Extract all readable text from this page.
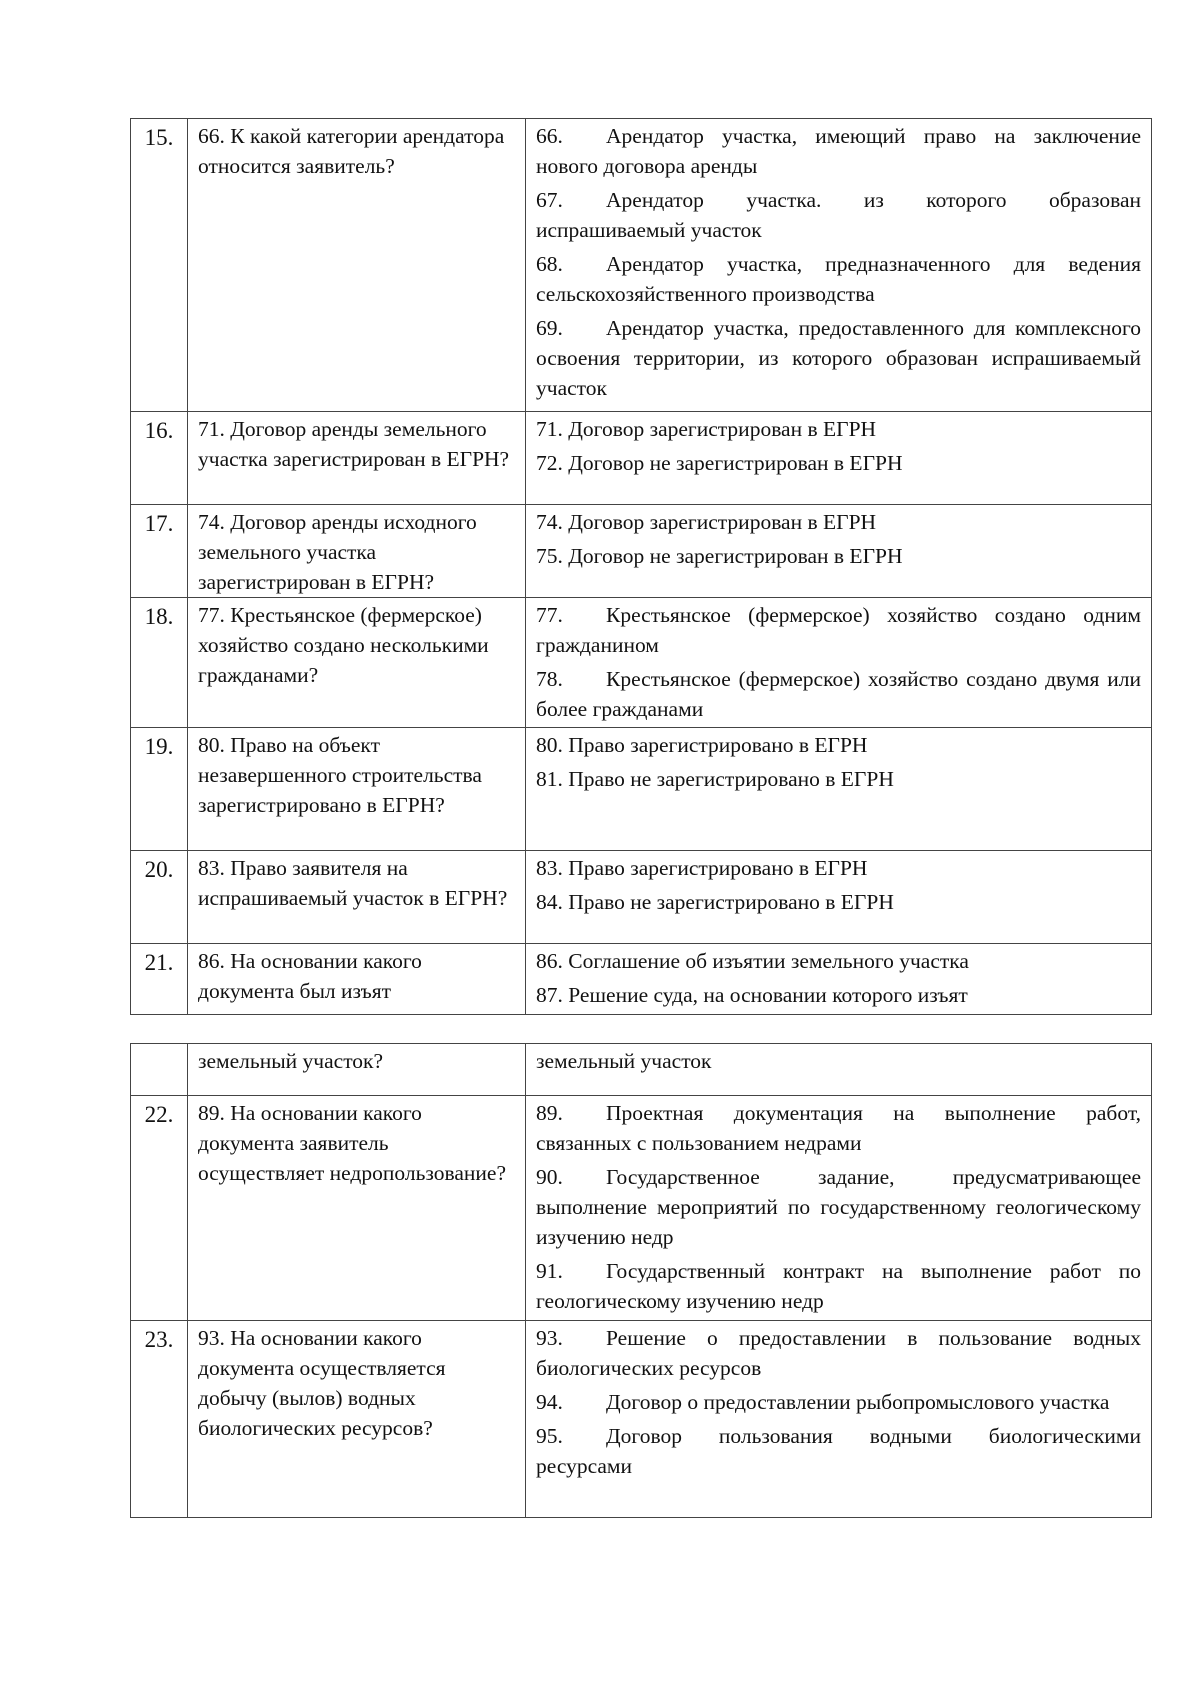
15.	66. К какой категории арендатора относится заявитель?	66. Арендатор участка, имеющий право на заключение нового договора аренды
67. Арендатор участка. из которого образован испрашиваемый участок
68. Арендатор участка, предназначенного для ведения сельскохозяйственного производства
69. Арендатор участка, предоставленного для комплексного освоения территории, из которого образован испрашиваемый участок

16.	71. Договор аренды земельного участка зарегистрирован в ЕГРН?	71. Договор зарегистрирован в ЕГРН
72. Договор не зарегистрирован в ЕГРН

17.	74. Договор аренды исходного земельного участка зарегистрирован в ЕГРН?	74. Договор зарегистрирован в ЕГРН
75. Договор не зарегистрирован в ЕГРН

18.	77. Крестьянское (фермерское) хозяйство создано несколькими гражданами?	77. Крестьянское (фермерское) хозяйство создано одним гражданином
78. Крестьянское (фермерское) хозяйство создано двумя или более гражданами

19.	80. Право на объект незавершенного строительства зарегистрировано в ЕГРН?	80. Право зарегистрировано в ЕГРН
81. Право не зарегистрировано в ЕГРН

20.	83. Право заявителя на испрашиваемый участок в ЕГРН?	83. Право зарегистрировано в ЕГРН
84. Право не зарегистрировано в ЕГРН

21.	86. На основании какого документа был изъят	86. Соглашение об изъятии земельного участка
87. Решение суда, на основании которого изъят
	земельный участок?	земельный участок

22.	89. На основании какого документа заявитель осуществляет недропользование?	89. Проектная документация на выполнение работ, связанных с пользованием недрами
90. Государственное задание, предусматривающее выполнение мероприятий по государственному геологическому изучению недр
91. Государственный контракт на выполнение работ по геологическому изучению недр

23.	93. На основании какого документа осуществляется добычу (вылов) водных биологических ресурсов?	93. Решение о предоставлении в пользование водных биологических ресурсов
94. Договор о предоставлении рыбопромыслового участка
95. Договор пользования водными биологическими ресурсами
